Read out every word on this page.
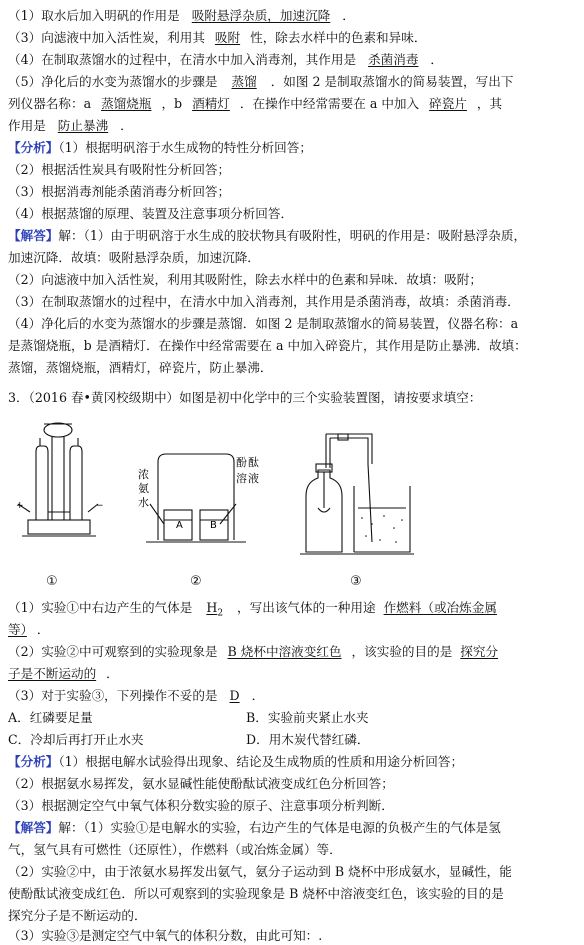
（1）取水后加入明矾的作用是 吸附悬浮杂质，加速沉降 ．
（3）向滤液中加入活性炭，利用其 吸附 性，除去水样中的色素和异味．
（4）在制取蒸馏水的过程中，在清水中加入消毒剂，其作用是 杀菌消毒 ．
（5）净化后的水变为蒸馏水的步骤是 蒸馏 ．如图 2 是制取蒸馏水的简易装置，写出下
列仪器名称：a 蒸馏烧瓶 ，b 酒精灯 ．在操作中经常需要在 a 中加入 碎瓷片 ，其
作用是 防止暴沸 ．
【分析】（1）根据明矾溶于水生成物的特性分析回答；
（2）根据活性炭具有吸附性分析回答；
（3）根据消毒剂能杀菌消毒分析回答；
（4）根据蒸馏的原理、装置及注意事项分析回答．
【解答】解：（1）由于明矾溶于水生成的胶状物具有吸附性，明矾的作用是：吸附悬浮杂质，
加速沉降．故填：吸附悬浮杂质，加速沉降．
（2）向滤液中加入活性炭，利用其吸附性，除去水样中的色素和异味．故填：吸附；
（3）在制取蒸馏水的过程中，在清水中加入消毒剂，其作用是杀菌消毒，故填：杀菌消毒．
（4）净化后的水变为蒸馏水的步骤是蒸馏．如图 2 是制取蒸馏水的简易装置，仪器名称：a
是蒸馏烧瓶，b 是酒精灯．在操作中经常需要在 a 中加入碎瓷片，其作用是防止暴沸．故填：
蒸馏，蒸馏烧瓶，酒精灯，碎瓷片，防止暴沸．
3．（2016 春•黄冈校级期中）如图是初中化学中的三个实验装置图，请按要求填空：
+	−
A	B
浓
氨
水
酚 酞
溶 液
①	②	③
（1）实验①中右边产生的气体是 $H_2$ ，写出该气体的一种用途 作燃料（或冶炼金属
等） ．
（2）实验②中可观察到的实验现象是 B 烧杯中溶液变红色 ，该实验的目的是 探究分
子是不断运动的 ．
（3）对于实验③，下列操作不妥的是 D ．
A．红磷要足量	B．实验前夹紧止水夹
C．冷却后再打开止水夹	D．用木炭代替红磷．
【分析】（1）根据电解水试验得出现象、结论及生成物质的性质和用途分析回答；
（2）根据氨水易挥发，氨水显碱性能使酚酞试液变成红色分析回答；
（3）根据测定空气中氧气体积分数实验的原子、注意事项分析判断．
【解答】解：（1）实验①是电解水的实验，右边产生的气体是电源的负极产生的气体是氢
气，氢气具有可燃性（还原性），作燃料（或冶炼金属）等．
（2）实验②中，由于浓氨水易挥发出氨气，氨分子运动到 B 烧杯中形成氨水，显碱性，能
使酚酞试液变成红色．所以可观察到的实验现象是 B 烧杯中溶液变红色，该实验的目的是
探究分子是不断运动的．
（3）实验③是测定空气中氧气的体积分数，由此可知：.
